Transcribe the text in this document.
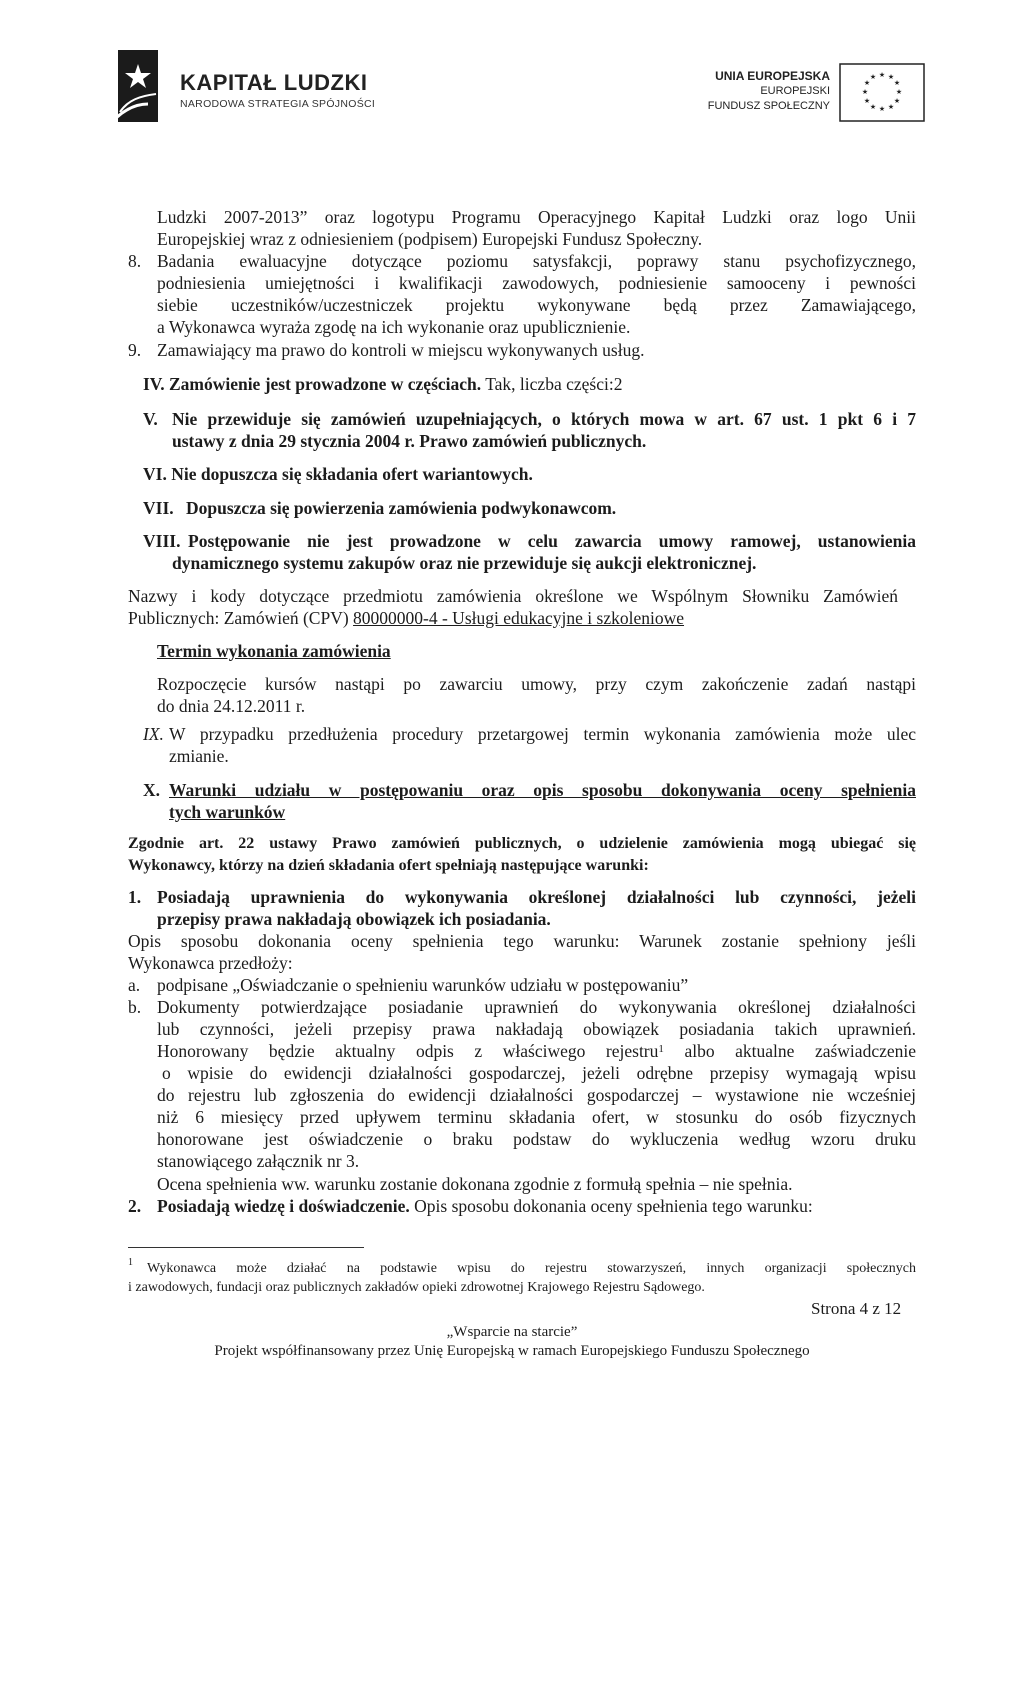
KAPITAŁ LUDZKI
NARODOWA STRATEGIA SPÓJNOŚCI
UNIA EUROPEJSKA
EUROPEJSKI
FUNDUSZ SPOŁECZNY
★ ★
★
★
★
★
★
★
★
★
★
★
Ludzki 2007-2013” oraz logotypu Programu Operacyjnego Kapitał Ludzki oraz logo Unii
Europejskiej wraz z odniesieniem (podpisem) Europejski Fundusz Społeczny.
8. Badania ewaluacyjne dotyczące poziomu satysfakcji, poprawy stanu psychofizycznego,
podniesienia umiejętności i kwalifikacji zawodowych, podniesienie samooceny i pewności
siebie uczestników/uczestniczek projektu wykonywane będą przez Zamawiającego,
a Wykonawca wyraża zgodę na ich wykonanie oraz upublicznienie.
9. Zamawiający ma prawo do kontroli w miejscu wykonywanych usług.
IV. Zamówienie jest prowadzone w częściach. Tak, liczba części:2
V. Nie przewiduje się zamówień uzupełniających, o których mowa w art. 67 ust. 1 pkt 6 i 7
ustawy z dnia 29 stycznia 2004 r. Prawo zamówień publicznych.
VI. Nie dopuszcza się składania ofert wariantowych.
VII. Dopuszcza się powierzenia zamówienia podwykonawcom.
VIII. Postępowanie nie jest prowadzone w celu zawarcia umowy ramowej, ustanowienia
dynamicznego systemu zakupów oraz nie przewiduje się aukcji elektronicznej.
Nazwy i kody dotyczące przedmiotu zamówienia określone we Wspólnym Słowniku Zamówień
Publicznych: Zamówień (CPV) 80000000-4 - Usługi edukacyjne i szkoleniowe
Termin wykonania zamówienia
Rozpoczęcie kursów nastąpi po zawarciu umowy, przy czym zakończenie zadań nastąpi
do dnia 24.12.2011 r.
IX. W przypadku przedłużenia procedury przetargowej termin wykonania zamówienia może ulec
zmianie.
X. Warunki udziału w postępowaniu oraz opis sposobu dokonywania oceny spełnienia
tych warunków
Zgodnie art. 22 ustawy Prawo zamówień publicznych, o udzielenie zamówienia mogą ubiegać się
Wykonawcy, którzy na dzień składania ofert spełniają następujące warunki:
1. Posiadają uprawnienia do wykonywania określonej działalności lub czynności, jeżeli
przepisy prawa nakładają obowiązek ich posiadania.
Opis sposobu dokonania oceny spełnienia tego warunku: Warunek zostanie spełniony jeśli
Wykonawca przedłoży:
a. podpisane „Oświadczanie o spełnieniu warunków udziału w postępowaniu”
b. Dokumenty potwierdzające posiadanie uprawnień do wykonywania określonej działalności
lub czynności, jeżeli przepisy prawa nakładają obowiązek posiadania takich uprawnień.
Honorowany będzie aktualny odpis z właściwego rejestru$^1$ albo aktualne zaświadczenie
o wpisie do ewidencji działalności gospodarczej, jeżeli odrębne przepisy wymagają wpisu
do rejestru lub zgłoszenia do ewidencji działalności gospodarczej – wystawione nie wcześniej
niż 6 miesięcy przed upływem terminu składania ofert, w stosunku do osób fizycznych
honorowane jest oświadczenie o braku podstaw do wykluczenia według wzoru druku
stanowiącego załącznik nr 3.
Ocena spełnienia ww. warunku zostanie dokonana zgodnie z formułą spełnia – nie spełnia.
2. Posiadają wiedzę i doświadczenie. Opis sposobu dokonania oceny spełnienia tego warunku:
1 Wykonawca może działać na podstawie wpisu do rejestru stowarzyszeń, innych organizacji społecznych
i zawodowych, fundacji oraz publicznych zakładów opieki zdrowotnej Krajowego Rejestru Sądowego.
Strona 4 z 12
„Wsparcie na starcie”
Projekt współfinansowany przez Unię Europejską w ramach Europejskiego Funduszu Społecznego
